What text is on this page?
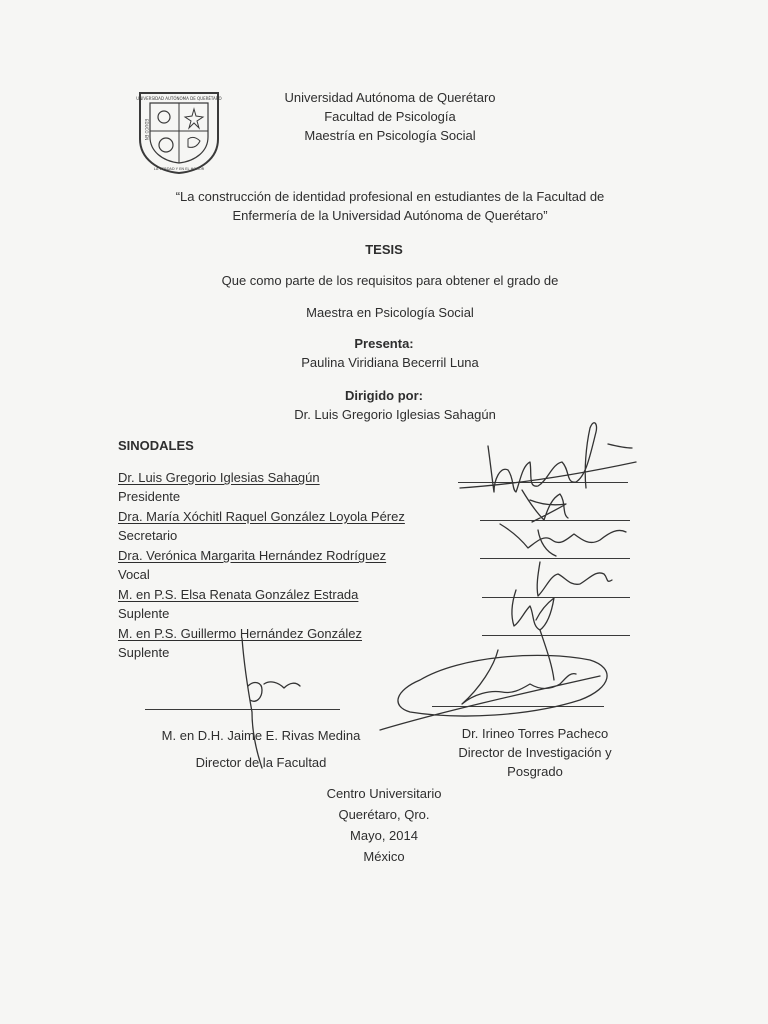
UNIVERSIDAD AUTÓNOMA DE QUERÉTARO
EDUCO EN
LA VERDAD Y EN EL HONOR
Universidad Autónoma de Querétaro
Facultad de Psicología
Maestría en Psicología Social
“La construcción de identidad profesional en estudiantes de la Facultad de
Enfermería de la Universidad Autónoma de Querétaro”
TESIS
Que como parte de los requisitos para obtener el grado de
Maestra en Psicología Social
Presenta:
Paulina Viridiana Becerril Luna
Dirigido por:
Dr. Luis Gregorio Iglesias Sahagún
SINODALES
Dr. Luis Gregorio Iglesias Sahagún
Presidente
Dra. María Xóchitl Raquel González Loyola Pérez
Secretario
Dra. Verónica Margarita Hernández Rodríguez
Vocal
M. en P.S. Elsa Renata González Estrada
Suplente
M. en P.S. Guillermo Hernández González
Suplente
M. en D.H. Jaime E. Rivas Medina
Director de la Facultad
Dr. Irineo Torres Pacheco
Director de Investigación y
Posgrado
Centro Universitario
Querétaro, Qro.
Mayo, 2014
México
